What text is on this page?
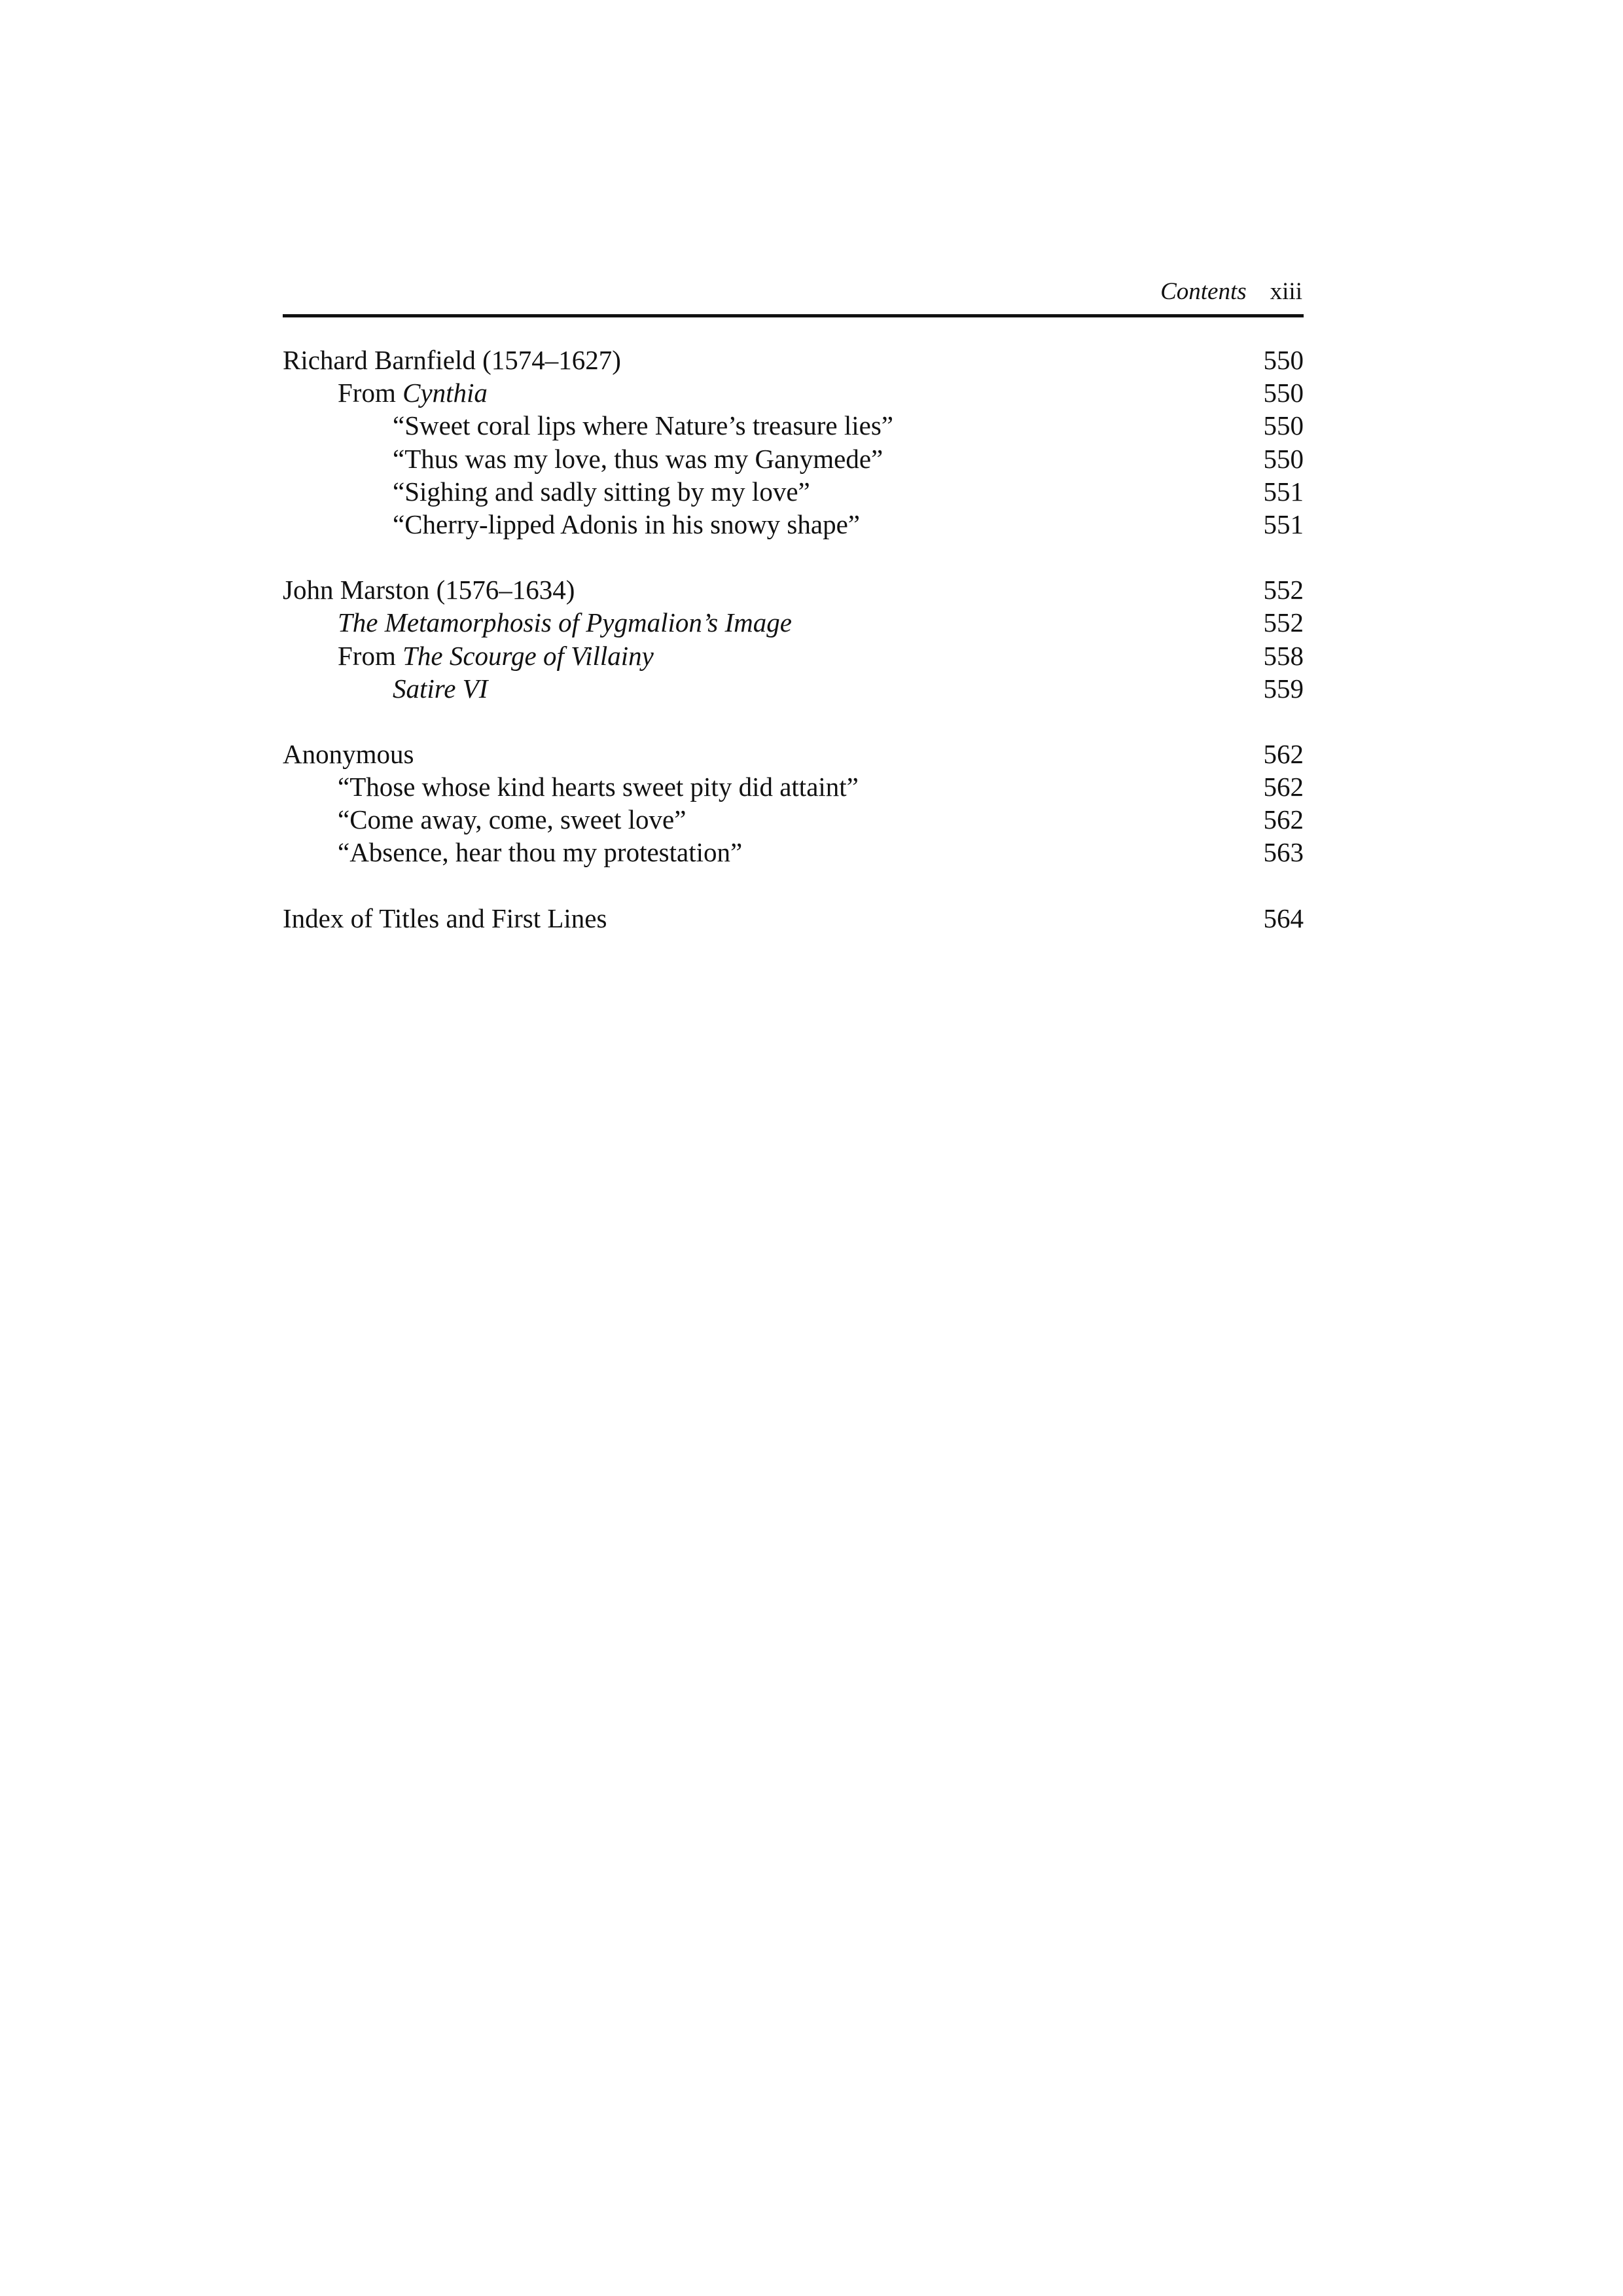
Contents xiii
Richard Barnfield (1574–1627)	550
From Cynthia	550
“Sweet coral lips where Nature’s treasure lies”	550
“Thus was my love, thus was my Ganymede”	550
“Sighing and sadly sitting by my love”	551
“Cherry-lipped Adonis in his snowy shape”	551
John Marston (1576–1634)	552
The Metamorphosis of Pygmalion’s Image	552
From The Scourge of Villainy	558
Satire VI	559
Anonymous	562
“Those whose kind hearts sweet pity did attaint”	562
“Come away, come, sweet love”	562
“Absence, hear thou my protestation”	563
Index of Titles and First Lines	564
